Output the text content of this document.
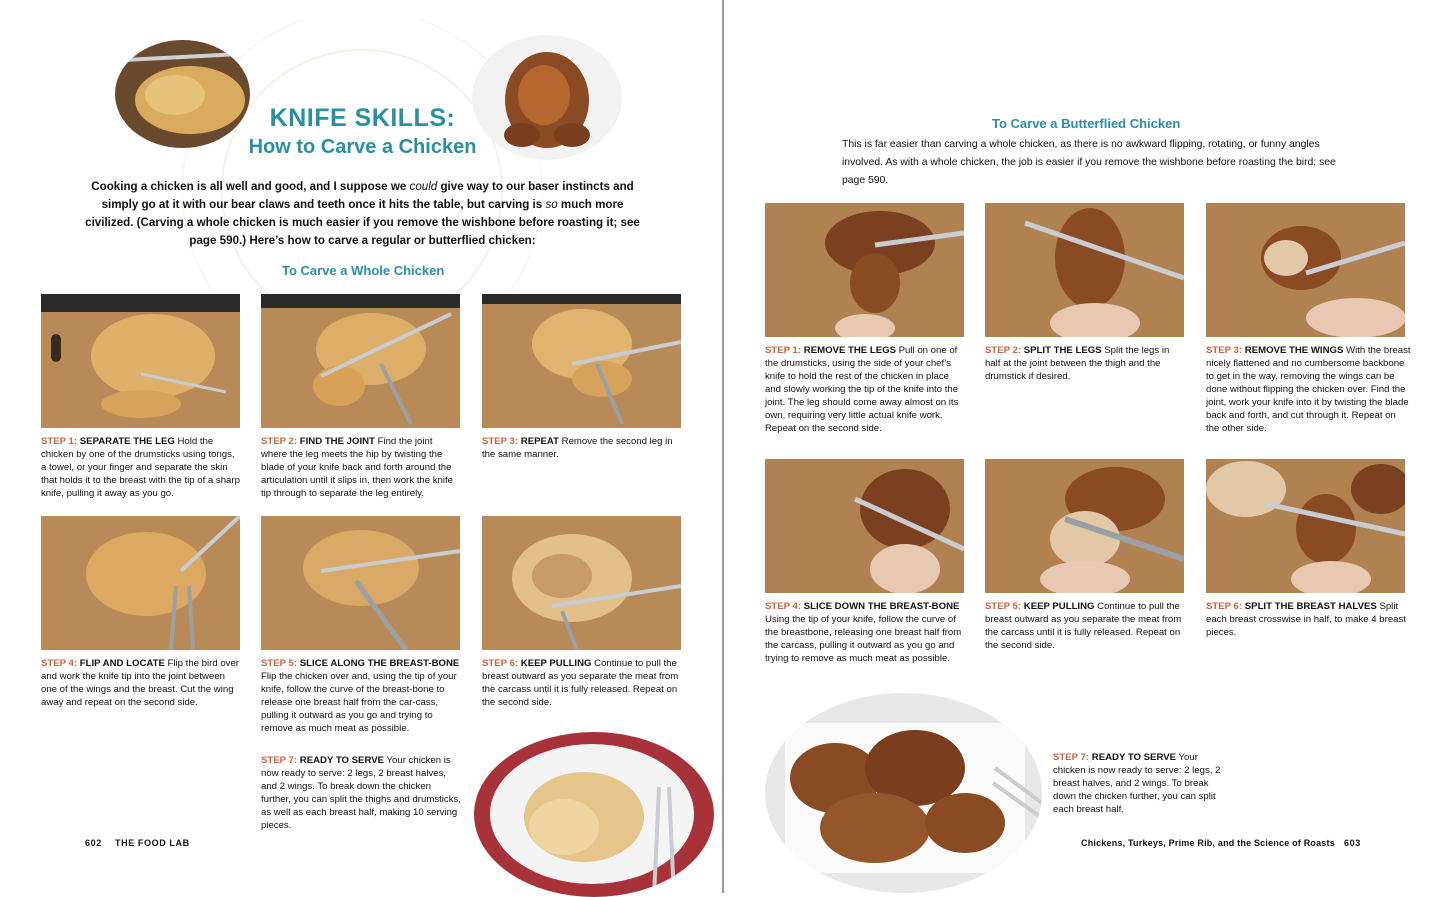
KNIFE SKILLS:
How to Carve a Chicken
Cooking a chicken is all well and good, and I suppose we could give way to our baser instincts and simply go at it with our bear claws and teeth once it hits the table, but carving is so much more civilized. (Carving a whole chicken is much easier if you remove the wishbone before roasting it; see page 590.) Here’s how to carve a regular or butterflied chicken:
To Carve a Whole Chicken
STEP 1: SEPARATE THE LEG Hold the chicken by one of the drumsticks using tongs, a towel, or your finger and separate the skin that holds it to the breast with the tip of a sharp knife, pulling it away as you go.
STEP 2: FIND THE JOINT Find the joint where the leg meets the hip by twisting the blade of your knife back and forth around the articulation until it slips in, then work the knife tip through to separate the leg entirely.
STEP 3: REPEAT Remove the second leg in the same manner.
STEP 4: FLIP AND LOCATE Flip the bird over and work the knife tip into the joint between one of the wings and the breast. Cut the wing away and repeat on the second side.
STEP 5: SLICE ALONG THE BREAST-BONE Flip the chicken over and, using the tip of your knife, follow the curve of the breast-bone to release one breast half from the car-cass, pulling it outward as you go and trying to remove as much meat as possible.
STEP 6: KEEP PULLING Continue to pull the breast outward as you separate the meat from the carcass until it is fully released. Repeat on the second side.
STEP 7: READY TO SERVE Your chicken is now ready to serve: 2 legs, 2 breast halves, and 2 wings. To break down the chicken further, you can split the thighs and drumsticks, as well as each breast half, making 10 serving pieces.
602 THE FOOD LAB
To Carve a Butterflied Chicken
This is far easier than carving a whole chicken, as there is no awkward flipping, rotating, or funny angles involved. As with a whole chicken, the job is easier if you remove the wishbone before roasting the bird; see page 590.
STEP 1: REMOVE THE LEGS Pull on one of the drumsticks, using the side of your chef’s knife to hold the rest of the chicken in place and slowly working the tip of the knife into the joint. The leg should come away almost on its own, requiring very little actual knife work. Repeat on the second side.
STEP 2: SPLIT THE LEGS Split the legs in half at the joint between the thigh and the drumstick if desired.
STEP 3: REMOVE THE WINGS With the breast nicely flattened and no cumbersome backbone to get in the way, removing the wings can be done without flipping the chicken over. Find the joint, work your knife into it by twisting the blade back and forth, and cut through it. Repeat on the other side.
STEP 4: SLICE DOWN THE BREAST-BONE Using the tip of your knife, follow the curve of the breastbone, releasing one breast half from the carcass, pulling it outward as you go and trying to remove as much meat as possible.
STEP 5: KEEP PULLING Continue to pull the breast outward as you separate the meat from the carcass until it is fully released. Repeat on the second side.
STEP 6: SPLIT THE BREAST HALVES Split each breast crosswise in half, to make 4 breast pieces.
STEP 7: READY TO SERVE Your chicken is now ready to serve: 2 legs, 2 breast halves, and 2 wings. To break down the chicken further, you can split each breast half.
Chickens, Turkeys, Prime Rib, and the Science of Roasts 603
